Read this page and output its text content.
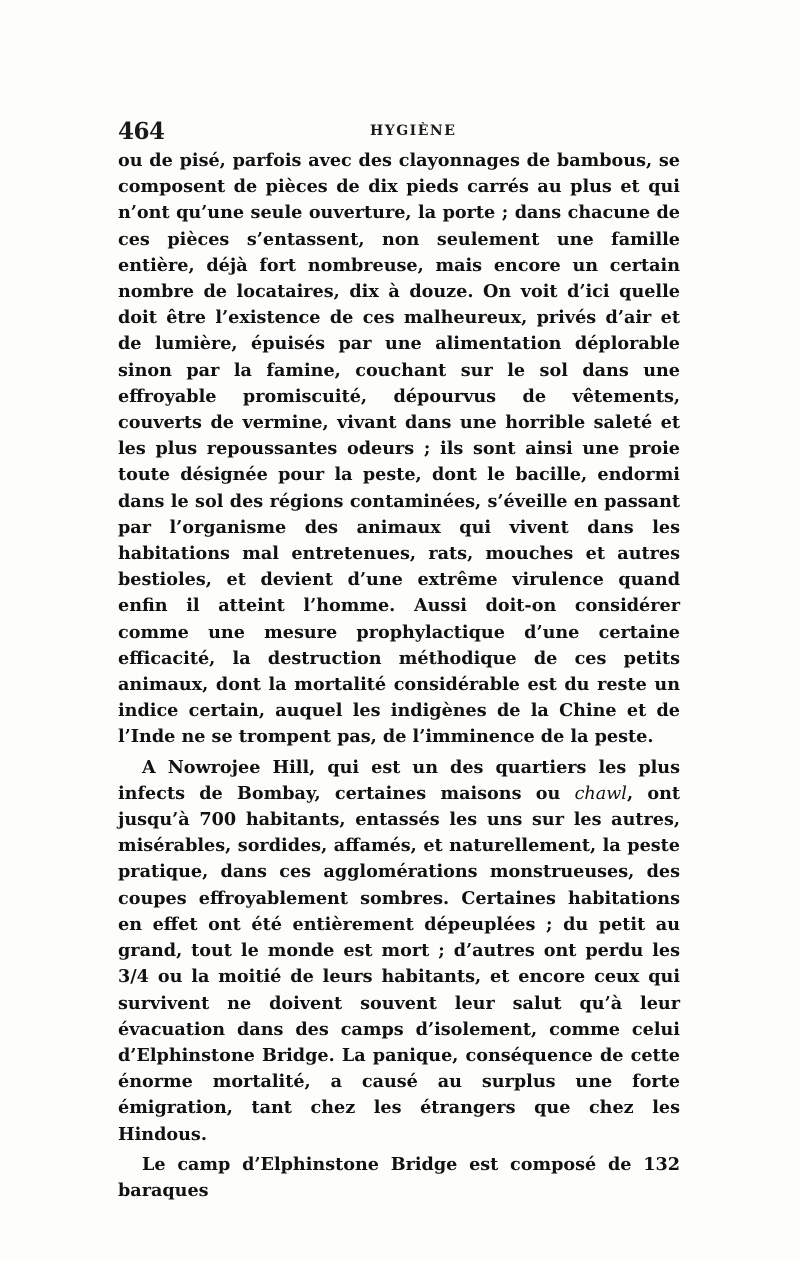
464	HYGIÈNE

ou de pisé, parfois avec des clayonnages de bambous, se composent de pièces de dix pieds carrés au plus et qui n’ont qu’une seule ouverture, la porte ; dans chacune de ces pièces s’entassent, non seulement une famille entière, déjà fort nombreuse, mais encore un certain nombre de locataires, dix à douze. On voit d’ici quelle doit être l’existence de ces malheureux, privés d’air et de lumière, épuisés par une alimentation déplorable sinon par la famine, couchant sur le sol dans une effroyable promiscuité, dépourvus de vêtements, couverts de vermine, vivant dans une horrible saleté et les plus repoussantes odeurs ; ils sont ainsi une proie toute désignée pour la peste, dont le bacille, endormi dans le sol des régions contaminées, s’éveille en passant par l’organisme des animaux qui vivent dans les habitations mal entretenues, rats, mouches et autres bestioles, et devient d’une extrême virulence quand enfin il atteint l’homme. Aussi doit-on considérer comme une mesure prophylactique d’une certaine efficacité, la destruction méthodique de ces petits animaux, dont la mortalité considérable est du reste un indice certain, auquel les indigènes de la Chine et de l’Inde ne se trompent pas, de l’imminence de la peste.

A Nowrojee Hill, qui est un des quartiers les plus infects de Bombay, certaines maisons ou chawl, ont jusqu’à 700 habitants, entassés les uns sur les autres, misérables, sordides, affamés, et naturellement, la peste pratique, dans ces agglomérations monstrueuses, des coupes effroyablement sombres. Certaines habitations en effet ont été entièrement dépeuplées ; du petit au grand, tout le monde est mort ; d’autres ont perdu les 3/4 ou la moitié de leurs habitants, et encore ceux qui survivent ne doivent souvent leur salut qu’à leur évacuation dans des camps d’isolement, comme celui d’Elphinstone Bridge. La panique, conséquence de cette énorme mortalité, a causé au surplus une forte émigration, tant chez les étrangers que chez les Hindous.

Le camp d’Elphinstone Bridge est composé de 132 baraques
